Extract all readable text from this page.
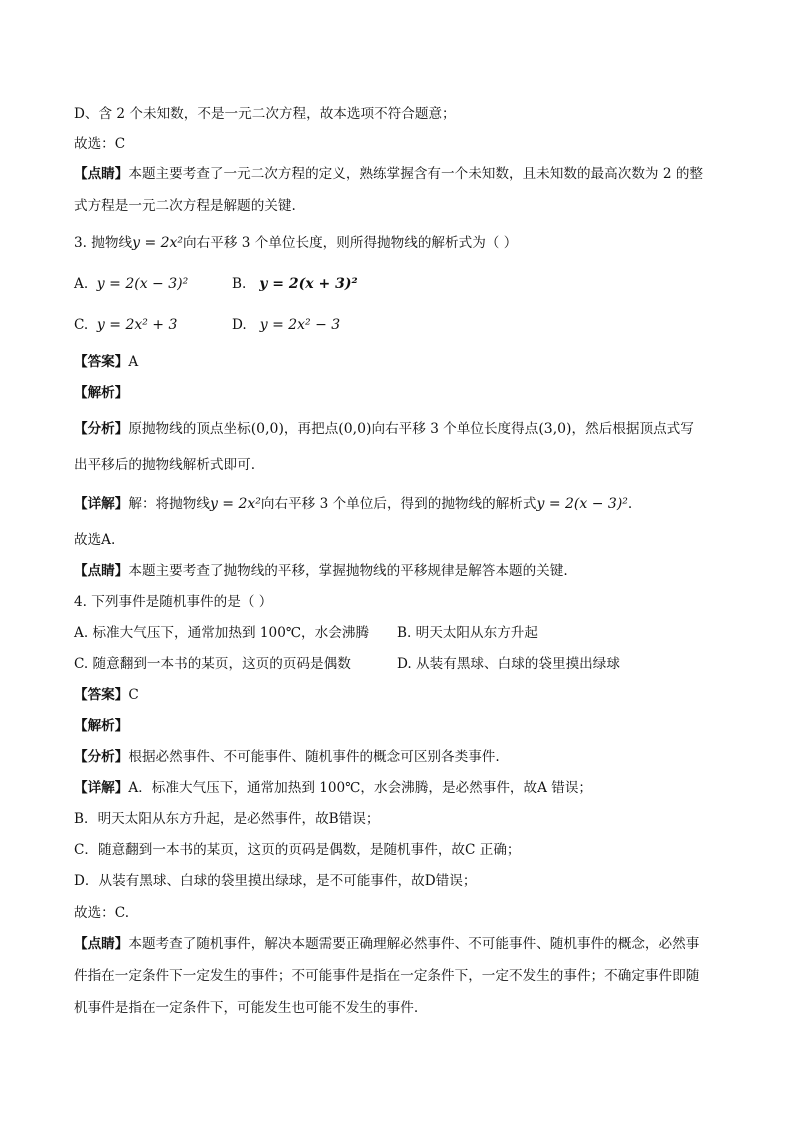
D、含 2 个未知数，不是一元二次方程，故本选项不符合题意；
故选：C
【点睛】本题主要考查了一元二次方程的定义，熟练掌握含有一个未知数，且未知数的最高次数为 2 的整
式方程是一元二次方程是解题的关键.
3. 抛物线y = 2x²向右平移 3 个单位长度，则所得抛物线的解析式为（ ）
A. y = 2(x − 3)²	B. y = 2(x + 3)²
C. y = 2x² + 3	D. y = 2x² − 3
【答案】A
【解析】
【分析】原抛物线的顶点坐标(0,0)，再把点(0,0)向右平移 3 个单位长度得点(3,0)，然后根据顶点式写
出平移后的抛物线解析式即可.
【详解】解：将抛物线y = 2x²向右平移 3 个单位后，得到的抛物线的解析式y = 2(x − 3)².
故选A.
【点睛】本题主要考查了抛物线的平移，掌握抛物线的平移规律是解答本题的关键.
4. 下列事件是随机事件的是（ ）
A. 标准大气压下，通常加热到 100℃，水会沸腾 B. 明天太阳从东方升起
C. 随意翻到一本书的某页，这页的页码是偶数	D. 从装有黑球、白球的袋里摸出绿球
【答案】C
【解析】
【分析】根据必然事件、不可能事件、随机事件的概念可区别各类事件.
【详解】A．标准大气压下，通常加热到 100℃，水会沸腾，是必然事件，故A 错误；
B．明天太阳从东方升起，是必然事件，故B错误；
C．随意翻到一本书的某页，这页的页码是偶数，是随机事件，故C 正确；
D．从装有黑球、白球的袋里摸出绿球，是不可能事件，故D错误；
故选：C.
【点睛】本题考查了随机事件，解决本题需要正确理解必然事件、不可能事件、随机事件的概念，必然事
件指在一定条件下一定发生的事件；不可能事件是指在一定条件下，一定不发生的事件；不确定事件即随
机事件是指在一定条件下，可能发生也可能不发生的事件.
